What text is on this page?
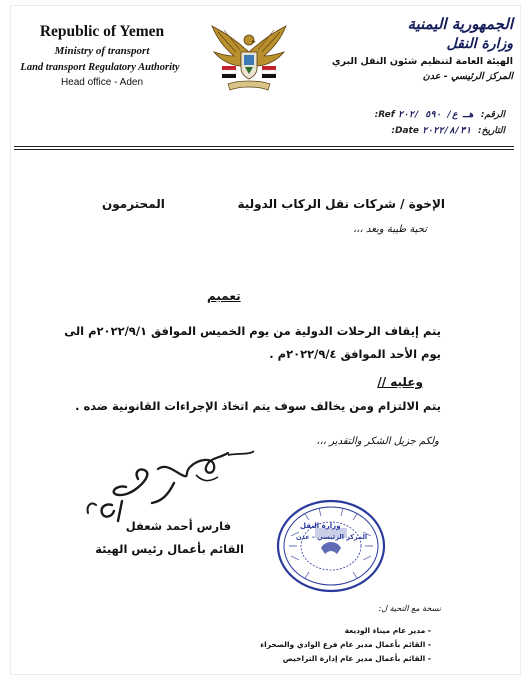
Republic of Yemen
Ministry of transport
Land transport Regulatory Authority
Head office - Aden
الجمهورية اليمنية
وزارة النقل
الهيئة العامة لتنظيم شئون النقل البري
المركز الرئيسي - عدن
الرقم: هـ ع/ ٥٩٠ /٢٠٢ Ref:
التاريخ: ٢٠٢٢/٨/٣١ Date:
الإخوة / شركات نقل الركاب الدولية
المحترمون
تحية طيبة وبعد ،،،
تعميم
يتم إيقاف الرحلات الدولية من يوم الخميس الموافق ٢٠٢٢/٩/١م الى
يوم الأحد الموافق ٢٠٢٢/٩/٤م .
وعليه //
يتم الالتزام ومن يخالف سوف يتم اتخاذ الإجراءات القانونية ضده .
ولكم جزيل الشكر والتقدير ،،،
فارس أحمد شعفل
القائم بأعمال رئيس الهيئة
وزارة النقل
المركز الرئيسي - عدن
نسخة مع التحية ل:
- مدير عام ميناء الوديعة
- القائم بأعمال مدير عام فرع الوادي والصحراء
- القائم بأعمال مدير عام إدارة التراخيص
